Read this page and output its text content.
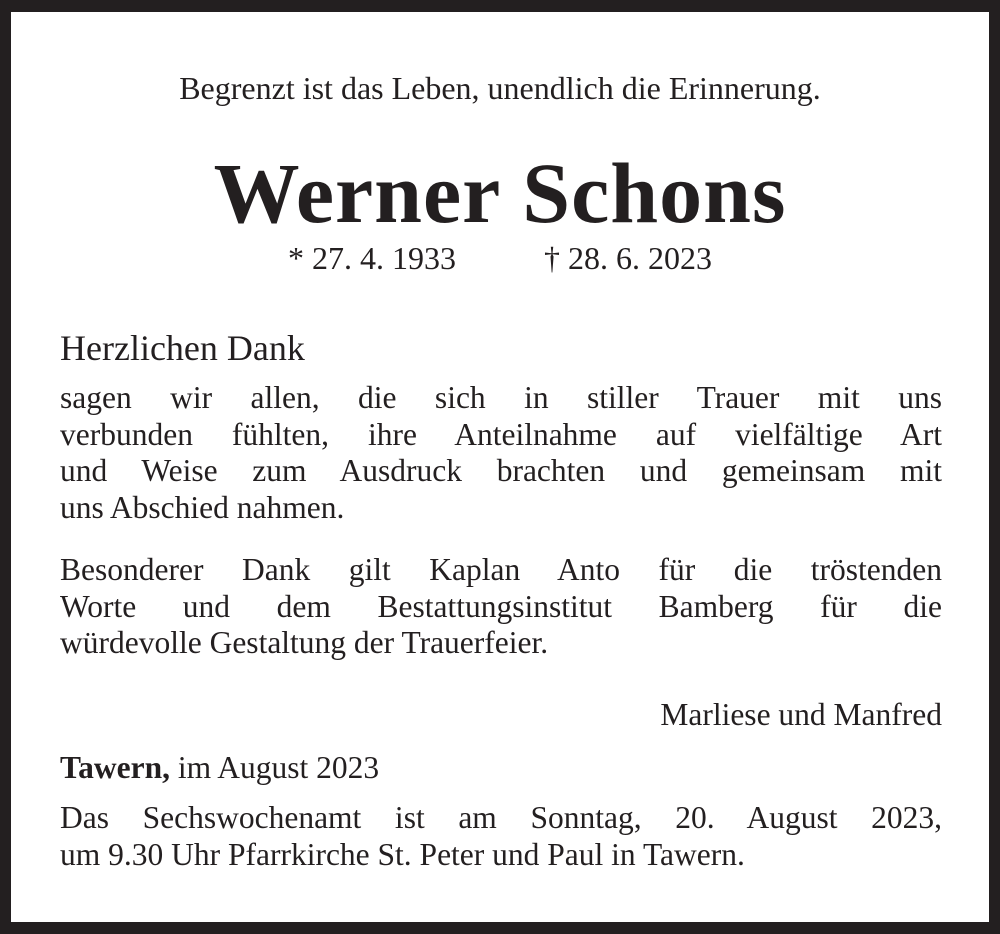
Begrenzt ist das Leben, unendlich die Erinnerung.

Werner Schons

* 27. 4. 1933	† 28. 6. 2023

Herzlichen Dank
sagen wir allen, die sich in stiller Trauer mit uns
verbunden fühlten, ihre Anteilnahme auf vielfältige Art
und Weise zum Ausdruck brachten und gemeinsam mit
uns Abschied nahmen.
Besonderer Dank gilt Kaplan Anto für die tröstenden
Worte und dem Bestattungsinstitut Bamberg für die
würdevolle Gestaltung der Trauerfeier.

Marliese und Manfred

Tawern, im August 2023

Das Sechswochenamt ist am Sonntag, 20. August 2023,
um 9.30 Uhr Pfarrkirche St. Peter und Paul in Tawern.
